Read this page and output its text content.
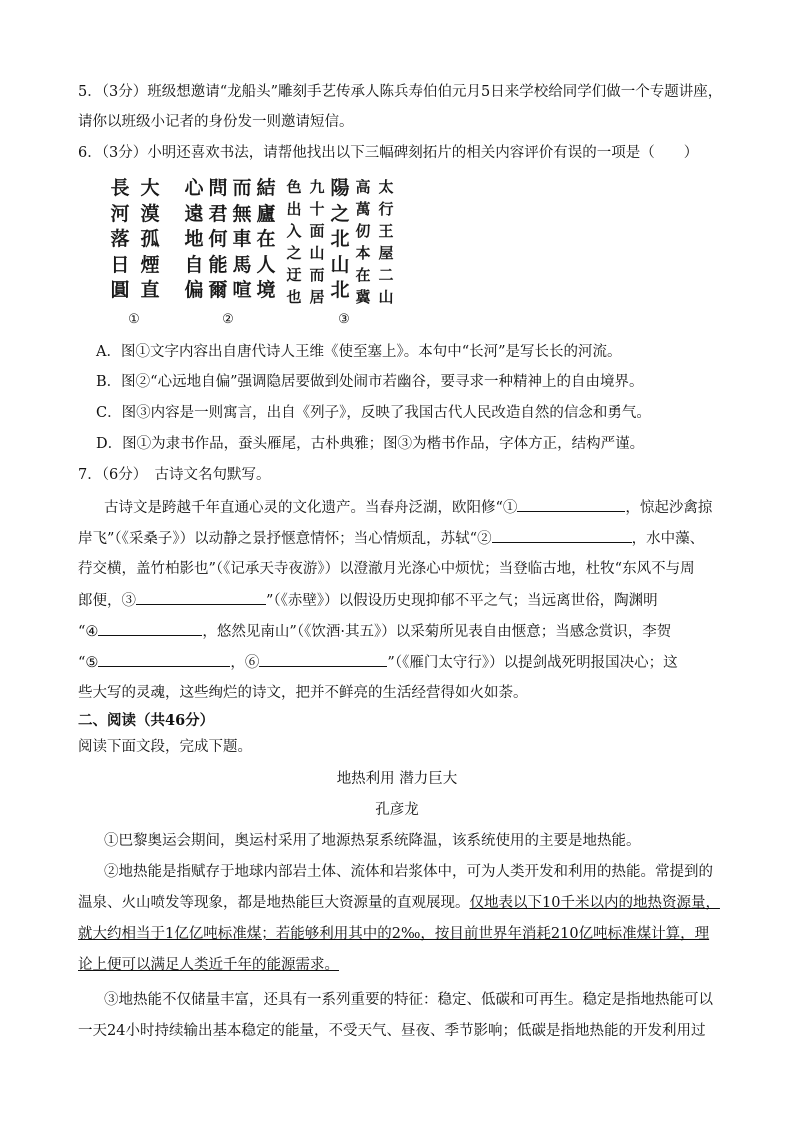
5．（3分）班级想邀请“龙船头”雕刻手艺传承人陈兵寿伯伯元月5日来学校给同学们做一个专题讲座，
请你以班级小记者的身份发一则邀请短信。
6．（3分）小明还喜欢书法，请帮他找出以下三幅碑刻拓片的相关内容评价有误的一项是（　　）
大
漠
孤
煙
直
長
河
落
日
圓
結
廬
在
人
境
而
無
車
馬
喧
問
君
何
能
爾
心
遠
地
自
偏
太
行
王
屋
二
山
高
萬
仞
本
在
冀
陽
之
北
山
北
九
十
面
山
而
居
色
出
入
之
迂
也
①	②	③
A．图①文字内容出自唐代诗人王维《使至塞上》。本句中“长河”是写长长的河流。
B．图②“心远地自偏”强调隐居要做到处闹市若幽谷，要寻求一种精神上的自由境界。
C．图③内容是一则寓言，出自《列子》，反映了我国古代人民改造自然的信念和勇气。
D．图①为隶书作品，蚕头雁尾，古朴典雅；图③为楷书作品，字体方正，结构严谨。
7．（6分）　古诗文名句默写。
古诗文是跨越千年直通心灵的文化遗产。当春舟泛湖，欧阳修“①	，惊起沙禽掠
岸飞”（《采桑子》）以动静之景抒惬意情怀；当心情烦乱，苏轼“②	，水中藻、
荇交横，盖竹柏影也”（《记承天寺夜游》）以澄澈月光涤心中烦忧；当登临古地，杜牧“东风不与周
郎便，③	”（《赤壁》）以假设历史现抑郁不平之气；当远离世俗，陶渊明
“④	，悠然见南山”（《饮酒·其五》）以采菊所见表自由惬意；当感念赏识，李贺
“⑤	，⑥	”（《雁门太守行》）以提剑战死明报国决心；这
些大写的灵魂，这些绚烂的诗文，把并不鲜亮的生活经营得如火如荼。
二、阅读（共46分）
阅读下面文段，完成下题。
地热利用 潜力巨大
孔彦龙
①巴黎奥运会期间，奥运村采用了地源热泵系统降温，该系统使用的主要是地热能。
②地热能是指赋存于地球内部岩土体、流体和岩浆体中，可为人类开发和利用的热能。常提到的
温泉、火山喷发等现象，都是地热能巨大资源量的直观展现。仅地表以下10千米以内的地热资源量，
就大约相当于1亿亿吨标准煤；若能够利用其中的2‰，按目前世界年消耗210亿吨标准煤计算，理
论上便可以满足人类近千年的能源需求。
③地热能不仅储量丰富，还具有一系列重要的特征：稳定、低碳和可再生。稳定是指地热能可以
一天24小时持续输出基本稳定的能量，不受天气、昼夜、季节影响；低碳是指地热能的开发利用过
